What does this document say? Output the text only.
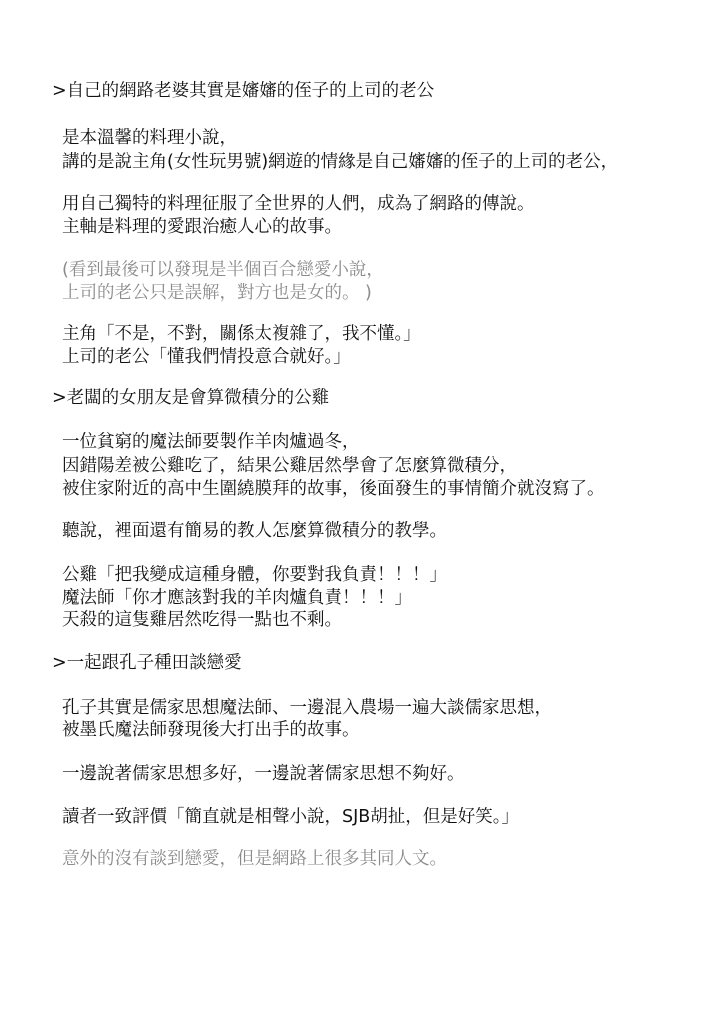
>自己的網路老婆其實是嬸嬸的侄子的上司的老公
是本溫馨的料理小說，
講的是說主角(女性玩男號)網遊的情緣是自己嬸嬸的侄子的上司的老公，
用自己獨特的料理征服了全世界的人們，成為了網路的傳說。
主軸是料理的愛跟治癒人心的故事。
(看到最後可以發現是半個百合戀愛小說，
上司的老公只是誤解，對方也是女的。 )
主角「不是，不對，關係太複雜了，我不懂。」
上司的老公「懂我們情投意合就好。」
>老闆的女朋友是會算微積分的公雞
一位貧窮的魔法師要製作羊肉爐過冬，
因錯陽差被公雞吃了，結果公雞居然學會了怎麼算微積分，
被住家附近的高中生圍繞膜拜的故事，後面發生的事情簡介就沒寫了。
聽說，裡面還有簡易的教人怎麼算微積分的教學。
公雞「把我變成這種身體，你要對我負責！！！」
魔法師「你才應該對我的羊肉爐負責！！！」
天殺的這隻雞居然吃得一點也不剩。
>一起跟孔子種田談戀愛
孔子其實是儒家思想魔法師、一邊混入農場一遍大談儒家思想，
被墨氏魔法師發現後大打出手的故事。
一邊說著儒家思想多好，一邊說著儒家思想不夠好。
讀者一致評價「簡直就是相聲小說，SJB胡扯，但是好笑。」
意外的沒有談到戀愛，但是網路上很多其同人文。
